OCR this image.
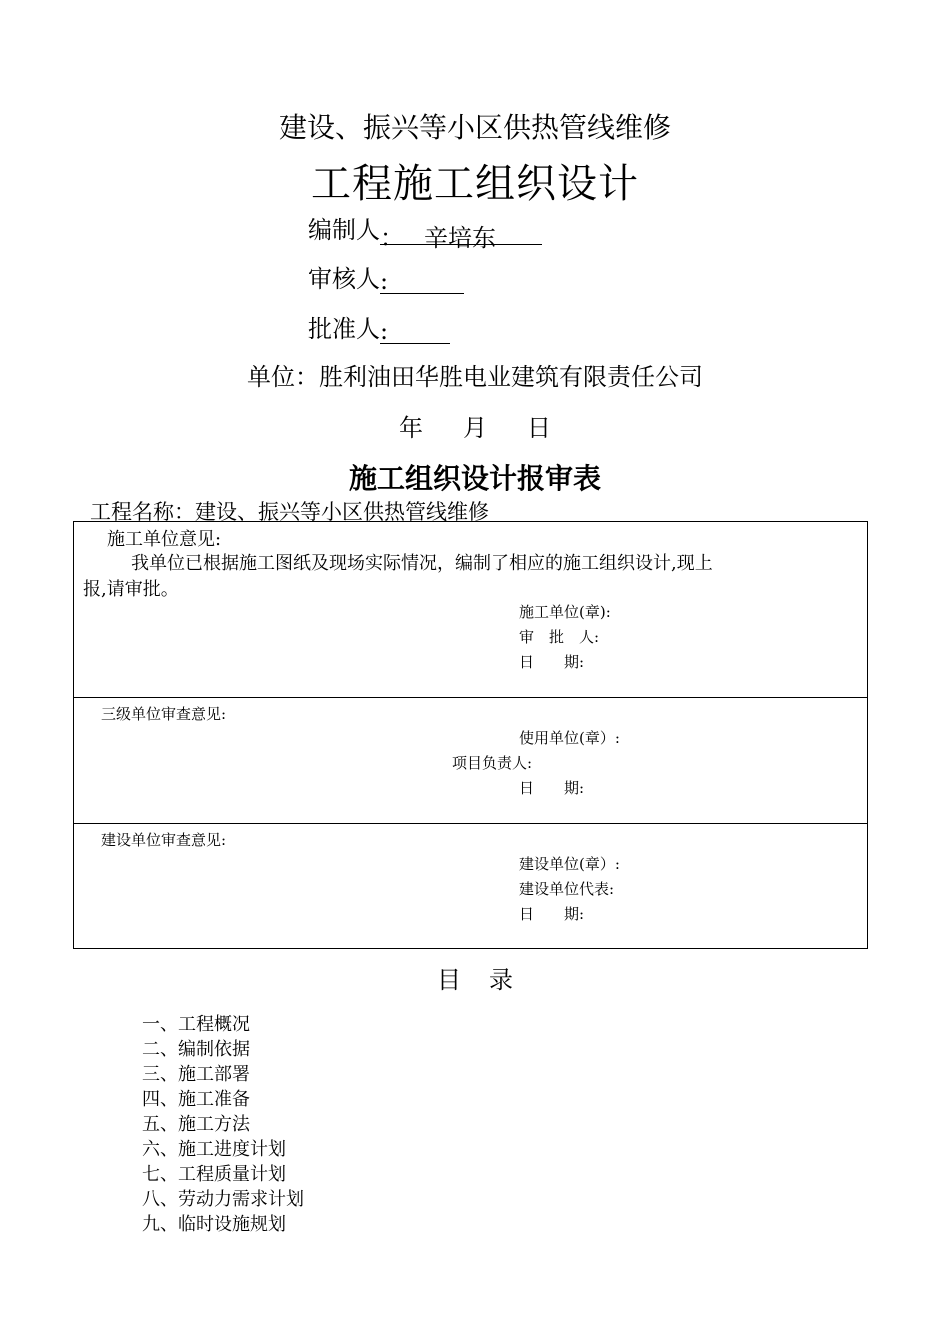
建设、振兴等小区供热管线维修
工程施工组织设计
编制人： 辛培东
审核人:
批准人:
单位：胜利油田华胜电业建筑有限责任公司
年 月 日
施工组织设计报审表
工程名称：建设、振兴等小区供热管线维修
施工单位意见:
我单位已根据施工图纸及现场实际情况，编制了相应的施工组织设计,现上
报,请审批。
施工单位(章):
审　批　人:
日　　期:
三级单位审查意见:
使用单位(章）:
项目负责人:
日　　期:
建设单位审查意见:
建设单位(章）:
建设单位代表:
日　　期:
目 录
一、工程概况
二、编制依据
三、施工部署
四、施工准备
五、施工方法
六、施工进度计划
七、工程质量计划
八、劳动力需求计划
九、临时设施规划
